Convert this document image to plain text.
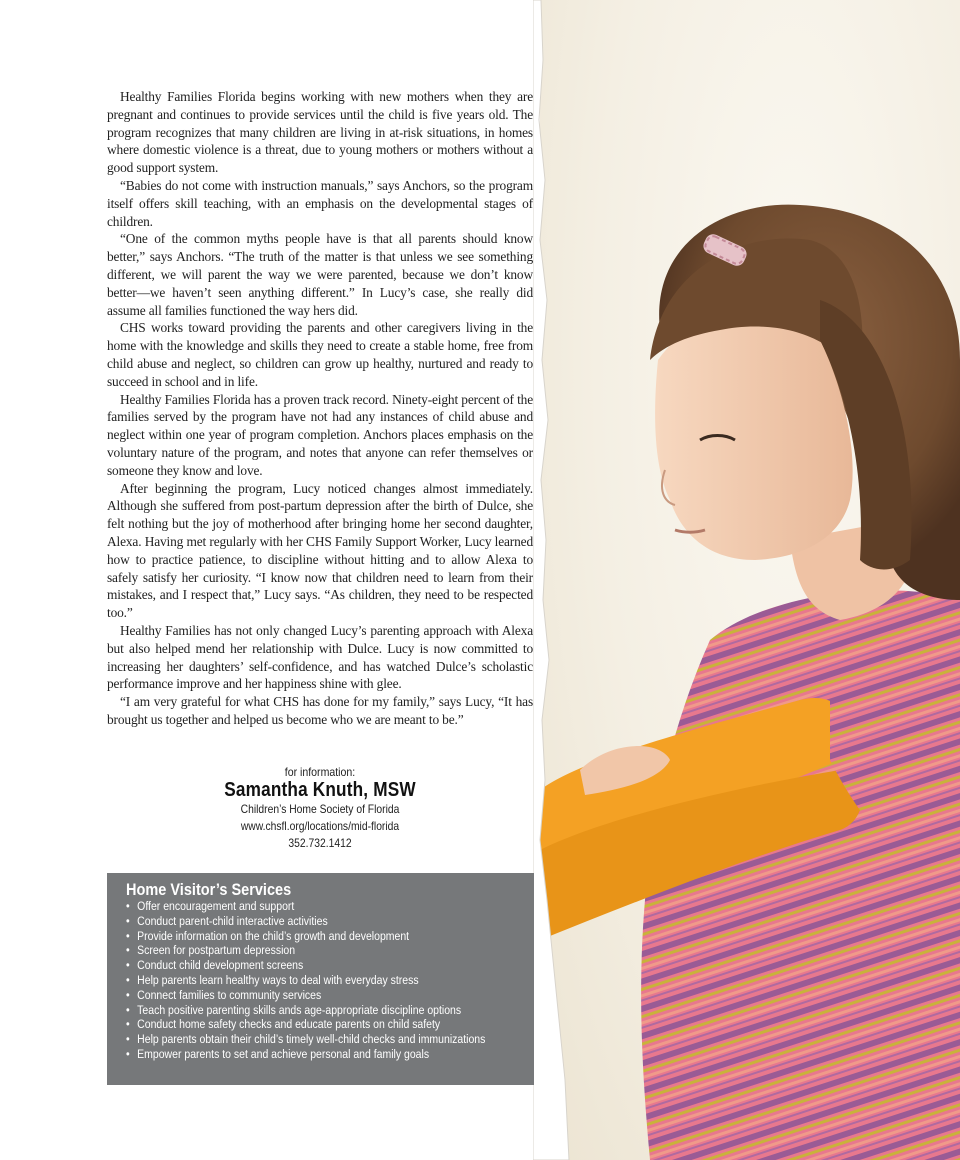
Healthy Families Florida begins working with new mothers when they are pregnant and continues to provide services until the child is five years old. The program recognizes that many children are living in at-risk situations, in homes where domestic violence is a threat, due to young mothers or mothers without a good support system.

“Babies do not come with instruction manuals,” says Anchors, so the program itself offers skill teaching, with an emphasis on the developmental stages of children.

“One of the common myths people have is that all parents should know better,” says Anchors. “The truth of the matter is that unless we see something different, we will parent the way we were parented, because we don’t know better—we haven’t seen anything different.” In Lucy’s case, she really did assume all families functioned the way hers did.

CHS works toward providing the parents and other caregivers living in the home with the knowledge and skills they need to create a stable home, free from child abuse and neglect, so children can grow up healthy, nurtured and ready to succeed in school and in life.

Healthy Families Florida has a proven track record. Ninety-eight percent of the families served by the program have not had any instances of child abuse and neglect within one year of program completion. Anchors places emphasis on the voluntary nature of the program, and notes that anyone can refer themselves or someone they know and love.

After beginning the program, Lucy noticed changes almost immediately. Although she suffered from post-partum depression after the birth of Dulce, she felt nothing but the joy of motherhood after bringing home her second daughter, Alexa. Having met regularly with her CHS Family Support Worker, Lucy learned how to practice patience, to discipline without hitting and to allow Alexa to safely satisfy her curiosity. “I know now that children need to learn from their mistakes, and I respect that,” Lucy says. “As children, they need to be respected too.”

Healthy Families has not only changed Lucy’s parenting approach with Alexa but also helped mend her relationship with Dulce. Lucy is now committed to increasing her daughters’ self-confidence, and has watched Dulce’s scholastic performance improve and her happiness shine with glee.

“I am very grateful for what CHS has done for my family,” says Lucy, “It has brought us together and helped us become who we are meant to be.”

for information:
Samantha Knuth, MSW
Children’s Home Society of Florida
www.chsfl.org/locations/mid-florida
352.732.1412
Home Visitor’s Services
• Offer encouragement and support
• Conduct parent-child interactive activities
• Provide information on the child’s growth and development
• Screen for postpartum depression
• Conduct child development screens
• Help parents learn healthy ways to deal with everyday stress
• Connect families to community services
• Teach positive parenting skills ands age-appropriate discipline options
• Conduct home safety checks and educate parents on child safety
• Help parents obtain their child’s timely well-child checks and immunizations
• Empower parents to set and achieve personal and family goals
